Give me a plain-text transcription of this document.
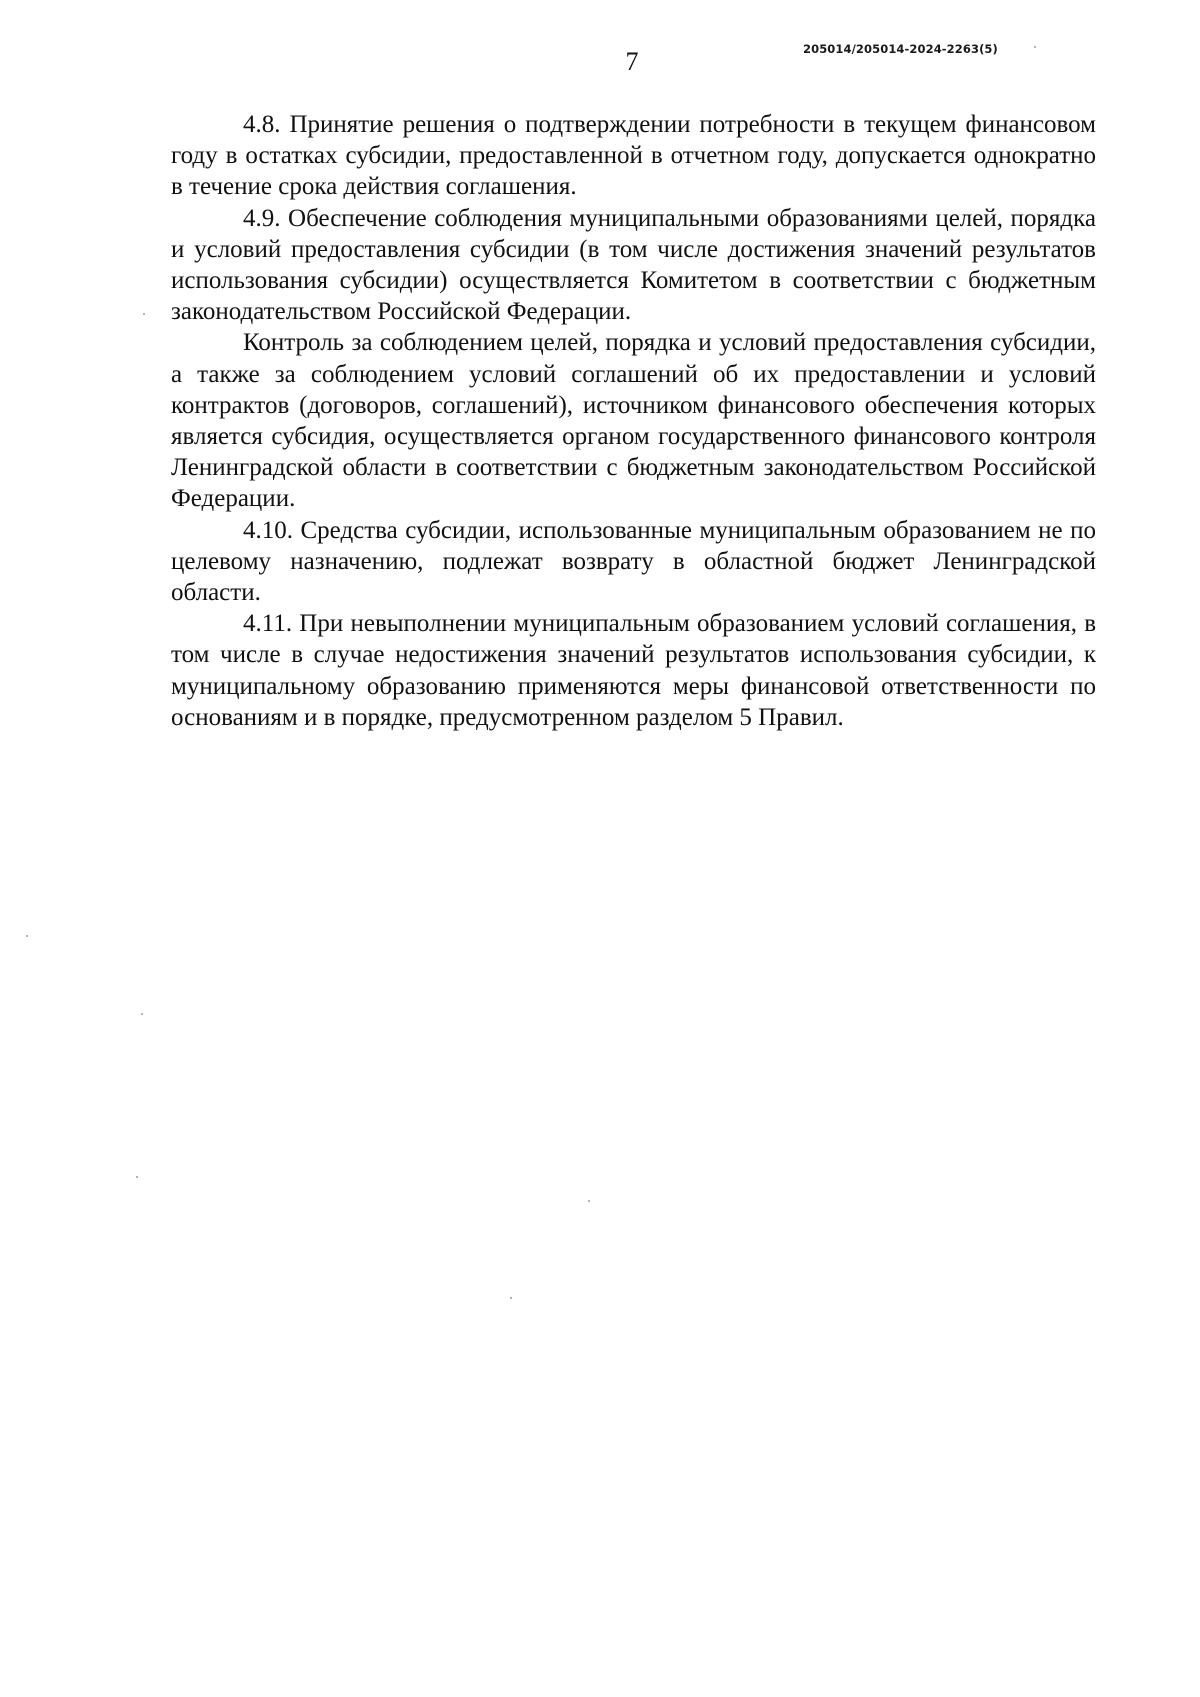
205014/205014-2024-2263(5)
7

4.8. Принятие решения о подтверждении потребности в текущем финансовом году в остатках субсидии, предоставленной в отчетном году, допускается однократно в течение срока действия соглашения.

4.9. Обеспечение соблюдения муниципальными образованиями целей, порядка и условий предоставления субсидии (в том числе достижения значений результатов использования субсидии) осуществляется Комитетом в соответствии с бюджетным законодательством Российской Федерации.

Контроль за соблюдением целей, порядка и условий предоставления субсидии, а также за соблюдением условий соглашений об их предоставлении и условий контрактов (договоров, соглашений), источником финансового обеспечения которых является субсидия, осуществляется органом государственного финансового контроля Ленинградской области в соответствии с бюджетным законодательством Российской Федерации.

4.10. Средства субсидии, использованные муниципальным образованием не по целевому назначению, подлежат возврату в областной бюджет Ленинградской области.

4.11. При невыполнении муниципальным образованием условий соглашения, в том числе в случае недостижения значений результатов использования субсидии, к муниципальному образованию применяются меры финансовой ответственности по основаниям и в порядке, предусмотренном разделом 5 Правил.
